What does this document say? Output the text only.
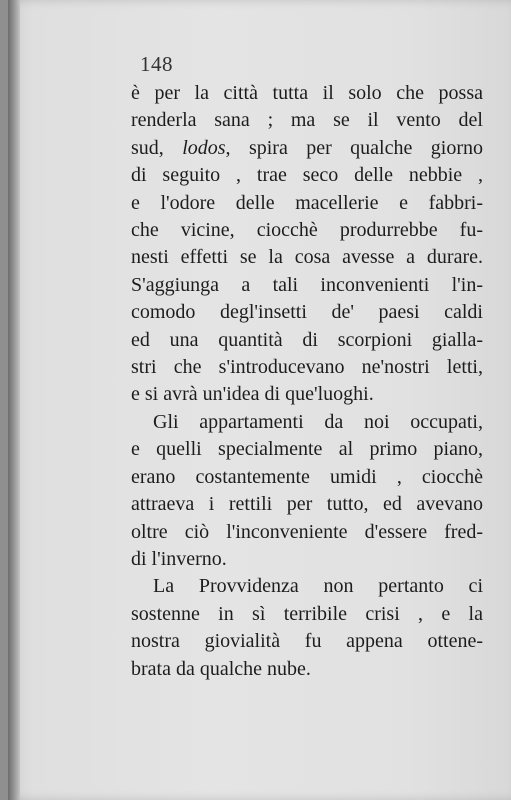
148
è per la città tutta il solo che possa
renderla sana ; ma se il vento del
sud, lodos, spira per qualche giorno
di seguito , trae seco delle nebbie ,
e l'odore delle macellerie e fabbri-
che vicine, ciocchè produrrebbe fu-
nesti effetti se la cosa avesse a durare.
S'aggiunga a tali inconvenienti l'in-
comodo degl'insetti de' paesi caldi
ed una quantità di scorpioni gialla-
stri che s'introducevano ne'nostri letti,
e si avrà un'idea di que'luoghi.
Gli appartamenti da noi occupati,
e quelli specialmente al primo piano,
erano costantemente umidi , ciocchè
attraeva i rettili per tutto, ed avevano
oltre ciò l'inconveniente d'essere fred-
di l'inverno.
La Provvidenza non pertanto ci
sostenne in sì terribile crisi , e la
nostra giovialità fu appena ottene-
brata da qualche nube.
